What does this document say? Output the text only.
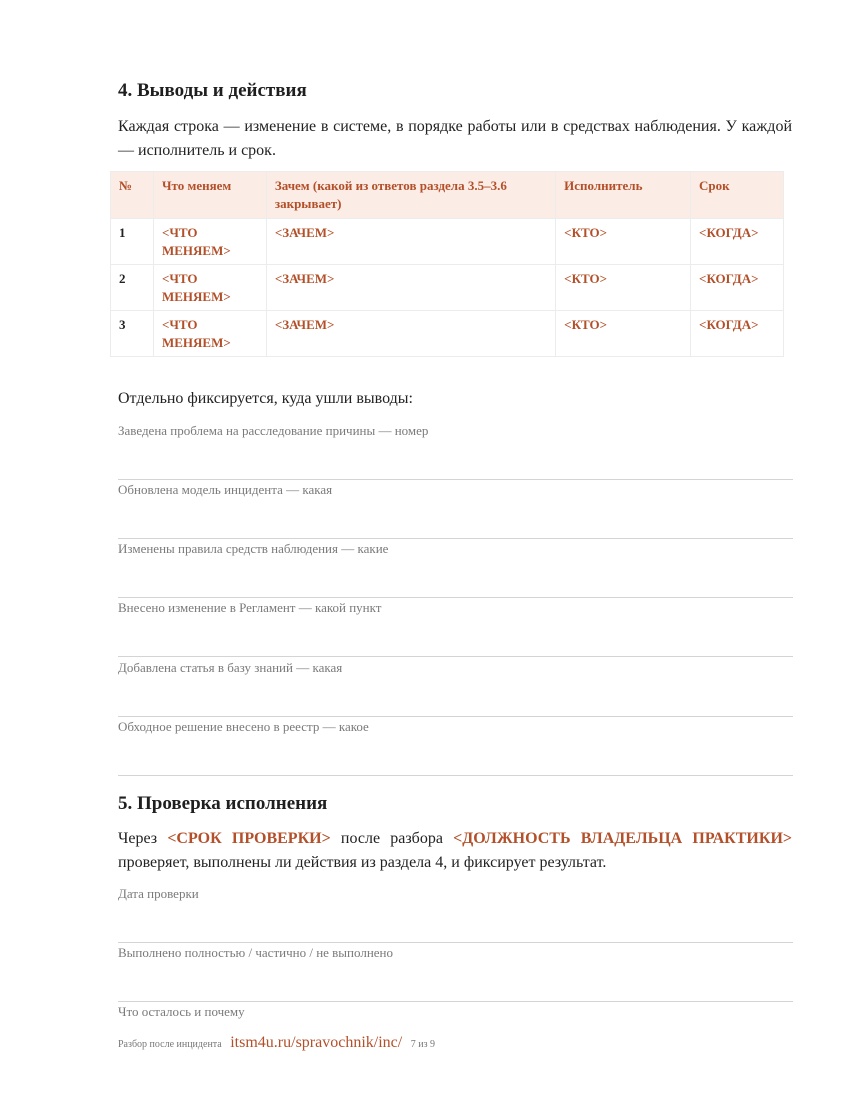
4. Выводы и действия

Каждая строка — изменение в системе, в порядке работы или в средствах наблюдения. У каждой — исполнитель и срок.

№	Что меняем	Зачем (какой из ответов раздела 3.5–3.6 закрывает)	Исполнитель	Срок
1	<ЧТО МЕНЯЕМ>	<ЗАЧЕМ>	<КТО>	<КОГДА>
2	<ЧТО МЕНЯЕМ>	<ЗАЧЕМ>	<КТО>	<КОГДА>
3	<ЧТО МЕНЯЕМ>	<ЗАЧЕМ>	<КТО>	<КОГДА>

Отдельно фиксируется, куда ушли выводы:

Заведена проблема на расследование причины — номер
Обновлена модель инцидента — какая
Изменены правила средств наблюдения — какие
Внесено изменение в Регламент — какой пункт
Добавлена статья в базу знаний — какая
Обходное решение внесено в реестр — какое
5. Проверка исполнения

Через <СРОК ПРОВЕРКИ> после разбора <ДОЛЖНОСТЬ ВЛАДЕЛЬЦА ПРАКТИКИ> проверяет, выполнены ли действия из раздела 4, и фиксирует результат.

Дата проверки
Выполнено полностью / частично / не выполнено
Что осталось и почему
Разбор после инцидента itsm4u.ru/spravochnik/inc/ 7 из 9
